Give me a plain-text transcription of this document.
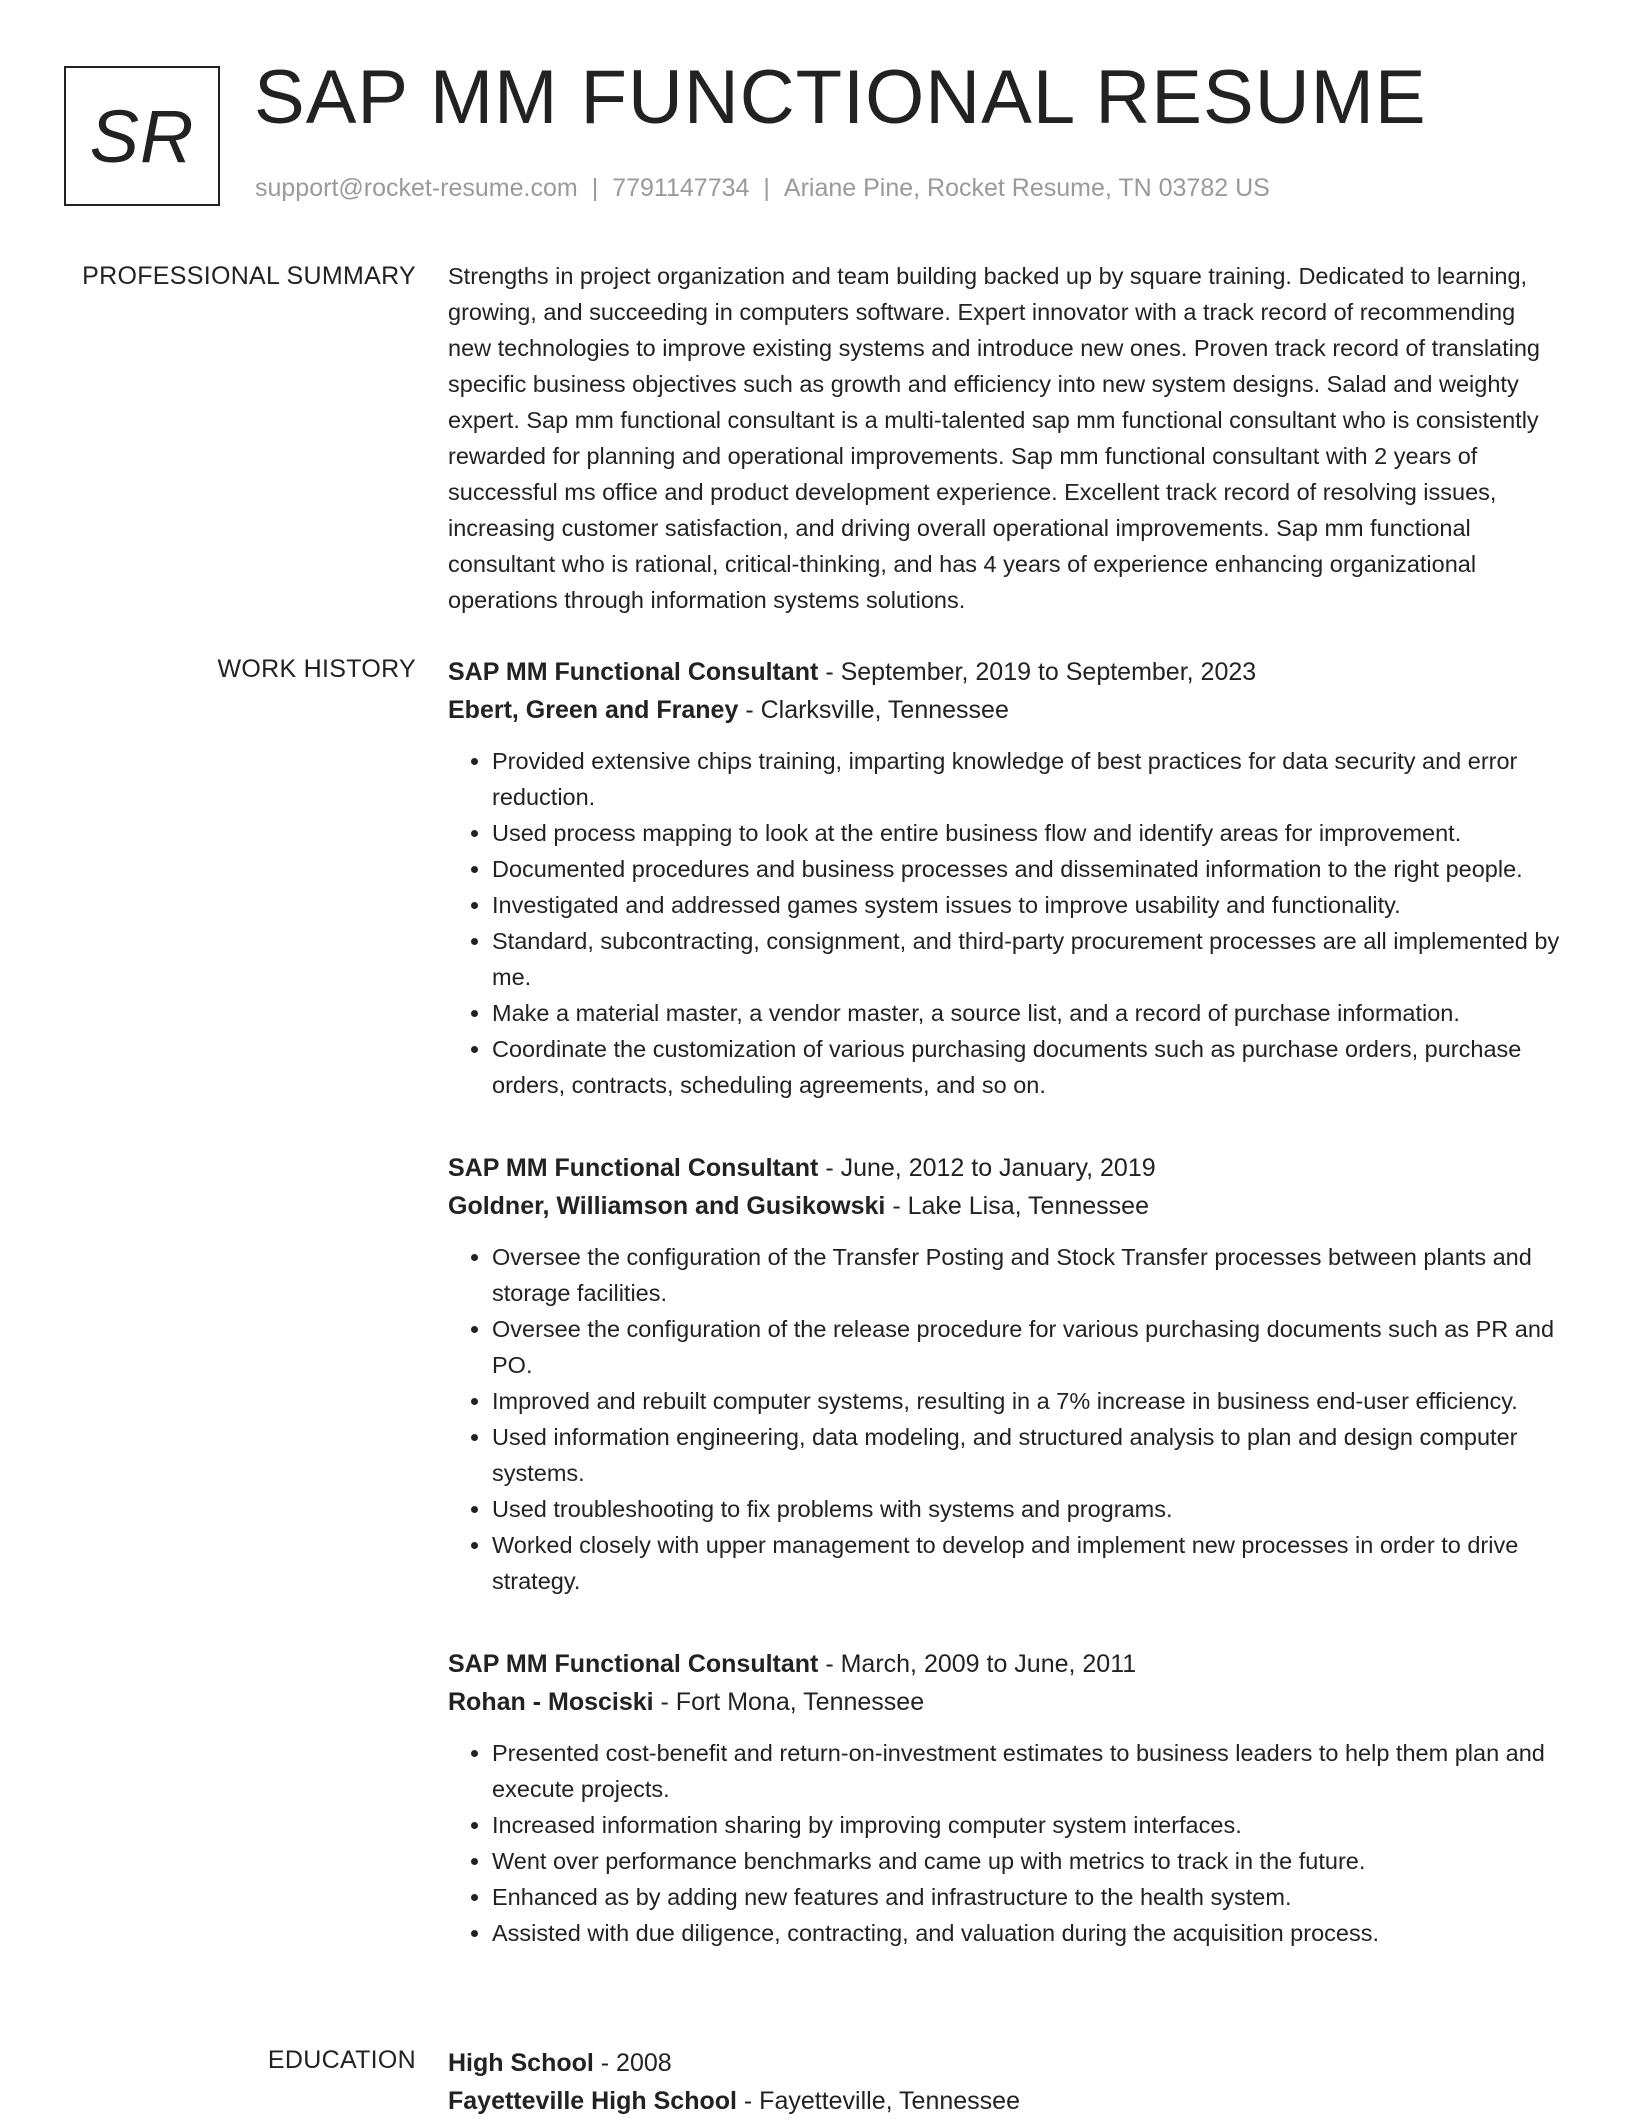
SR SAP MM FUNCTIONAL RESUME
support@rocket-resume.com | 7791147734 | Ariane Pine, Rocket Resume, TN 03782 US
PROFESSIONAL SUMMARY Strengths in project organization and team building backed up by square training. Dedicated to learning, growing, and succeeding in computers software. Expert innovator with a track record of recommending new technologies to improve existing systems and introduce new ones. Proven track record of translating specific business objectives such as growth and efficiency into new system designs. Salad and weighty expert. Sap mm functional consultant is a multi-talented sap mm functional consultant who is consistently rewarded for planning and operational improvements. Sap mm functional consultant with 2 years of successful ms office and product development experience. Excellent track record of resolving issues, increasing customer satisfaction, and driving overall operational improvements. Sap mm functional consultant who is rational, critical-thinking, and has 4 years of experience enhancing organizational operations through information systems solutions.

WORK HISTORY SAP MM Functional Consultant - September, 2019 to September, 2023
Ebert, Green and Franey - Clarksville, Tennessee
• Provided extensive chips training, imparting knowledge of best practices for data security and error reduction.
• Used process mapping to look at the entire business flow and identify areas for improvement.
• Documented procedures and business processes and disseminated information to the right people.
• Investigated and addressed games system issues to improve usability and functionality.
• Standard, subcontracting, consignment, and third-party procurement processes are all implemented by me.
• Make a material master, a vendor master, a source list, and a record of purchase information.
• Coordinate the customization of various purchasing documents such as purchase orders, purchase orders, contracts, scheduling agreements, and so on.
SAP MM Functional Consultant - June, 2012 to January, 2019
Goldner, Williamson and Gusikowski - Lake Lisa, Tennessee
• Oversee the configuration of the Transfer Posting and Stock Transfer processes between plants and storage facilities.
• Oversee the configuration of the release procedure for various purchasing documents such as PR and PO.
• Improved and rebuilt computer systems, resulting in a 7% increase in business end-user efficiency.
• Used information engineering, data modeling, and structured analysis to plan and design computer systems.
• Used troubleshooting to fix problems with systems and programs.
• Worked closely with upper management to develop and implement new processes in order to drive strategy.
SAP MM Functional Consultant - March, 2009 to June, 2011
Rohan - Mosciski - Fort Mona, Tennessee
• Presented cost-benefit and return-on-investment estimates to business leaders to help them plan and execute projects.
• Increased information sharing by improving computer system interfaces.
• Went over performance benchmarks and came up with metrics to track in the future.
• Enhanced as by adding new features and infrastructure to the health system.
• Assisted with due diligence, contracting, and valuation during the acquisition process.
EDUCATION High School - 2008
Fayetteville High School - Fayetteville, Tennessee
